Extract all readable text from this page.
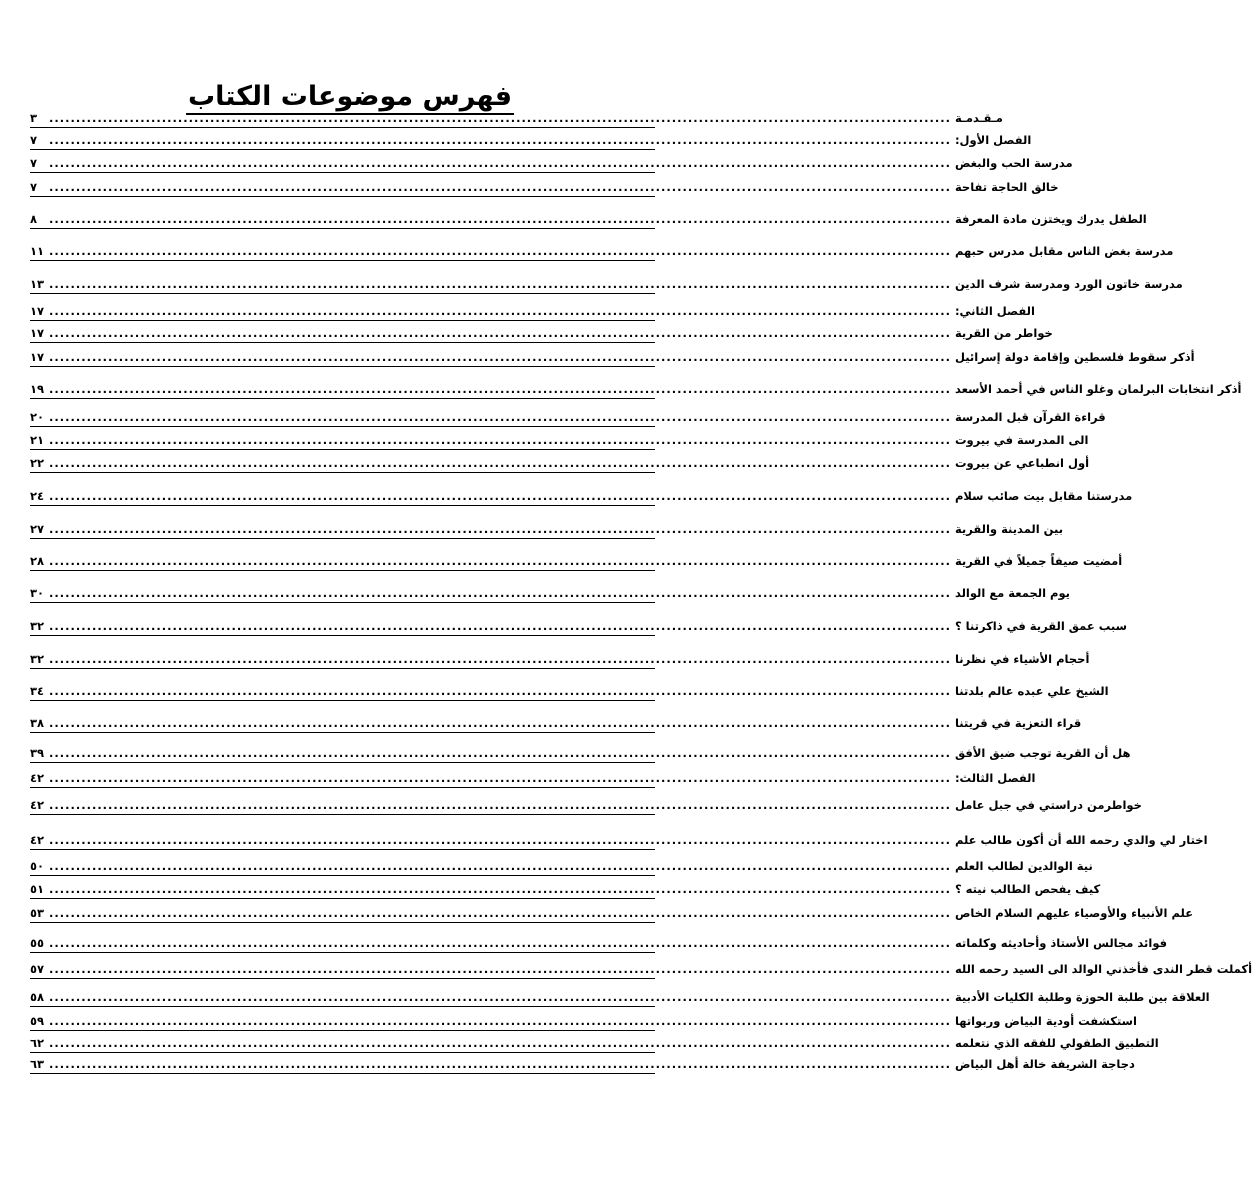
فهرس موضوعات الكتاب
٣	........................................................................................................................................................................ مـقـدمـة
٧	........................................................................................................................................................................ الفصل الأول:
٧	........................................................................................................................................................................ مدرسة الحب والبغض
٧	........................................................................................................................................................................ خالق الحاجة تفاحة
٨	........................................................................................................................................................................ الطفل يدرك ويختزن مادة المعرفة
١١ ........................................................................................................................................................................ مدرسة بغض الناس مقابل مدرس حبهم
١٣ ........................................................................................................................................................................ مدرسة خاتون الورد ومدرسة شرف الدين
١٧ ........................................................................................................................................................................ الفصل الثاني:
١٧ ........................................................................................................................................................................ خواطر من القرية
١٧ ........................................................................................................................................................................ أذكر سقوط فلسطين وإقامة دولة إسرائيل
١٩ ........................................................................................................................................................................ أذكر انتخابات البرلمان وغلو الناس في أحمد الأسعد
٢٠ ........................................................................................................................................................................ قراءة القرآن قبل المدرسة
٢١ ........................................................................................................................................................................ الى المدرسة في بيروت
٢٢ ........................................................................................................................................................................ أول انطباعي عن بيروت
٢٤ ........................................................................................................................................................................ مدرستنا مقابل بيت صائب سلام
٢٧ ........................................................................................................................................................................ بين المدينة والقرية
٢٨ ........................................................................................................................................................................ أمضيت صيفاً جميلاً في القرية
٣٠ ........................................................................................................................................................................ يوم الجمعة مع الوالد
٣٢ ........................................................................................................................................................................ سبب عمق القرية في ذاكرتنا ؟
٣٢ ........................................................................................................................................................................ أحجام الأشياء في نظرنا
٣٤ ........................................................................................................................................................................ الشيخ علي عبده عالم بلدتنا
٣٨ ........................................................................................................................................................................ قراء التعزية في قريتنا
٣٩ ........................................................................................................................................................................ هل أن القرية توجب ضيق الأفق
٤٢ ........................................................................................................................................................................ الفصل الثالث:
٤٢ ........................................................................................................................................................................ خواطرمن دراستي في جبل عامل
٤٢ ........................................................................................................................................................................ اختار لي والدي رحمه الله أن أكون طالب علم
٥٠ ........................................................................................................................................................................ نية الوالدين لطالب العلم
٥١ ........................................................................................................................................................................ كيف يفحص الطالب نيته ؟
٥٣ ........................................................................................................................................................................ علم الأنبياء والأوصياء عليهم السلام الخاص
٥٥ ........................................................................................................................................................................ فوائد مجالس الأستاذ وأحاديثه وكلماته
٥٧ ........................................................................................................................................................................ أكملت قطر الندى فأخذني الوالد الى السيد رحمه الله
٥٨ ........................................................................................................................................................................ العلاقة بين طلبة الحوزة وطلبة الكليات الأدبية
٥٩ ........................................................................................................................................................................ استكشفت أودية البياض وربواتها
٦٢ ........................................................................................................................................................................ التطبيق الطفولي للفقه الذي نتعلمه
٦٣ ........................................................................................................................................................................ دجاجة الشريفة خالة أهل البياض
